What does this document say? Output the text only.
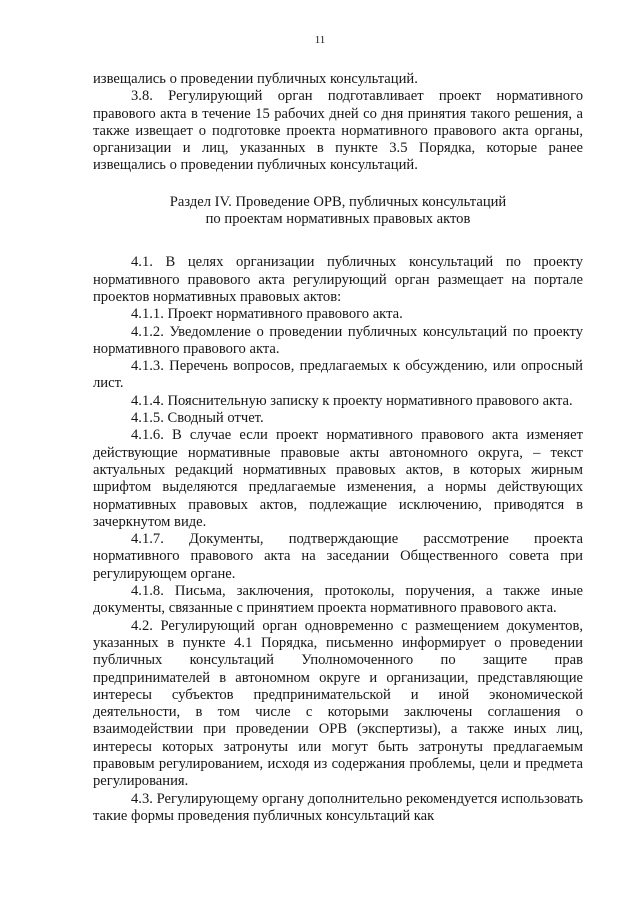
11

извещались о проведении публичных консультаций.

3.8. Регулирующий орган подготавливает проект нормативного правового акта в течение 15 рабочих дней со дня принятия такого решения, а также извещает о подготовке проекта нормативного правового акта органы, организации и лиц, указанных в пункте 3.5 Порядка, которые ранее извещались о проведении публичных консультаций.

Раздел IV. Проведение ОРВ, публичных консультаций
по проектам нормативных правовых актов

4.1. В целях организации публичных консультаций по проекту нормативного правового акта регулирующий орган размещает на портале проектов нормативных правовых актов:

4.1.1. Проект нормативного правового акта.

4.1.2. Уведомление о проведении публичных консультаций по проекту нормативного правового акта.

4.1.3. Перечень вопросов, предлагаемых к обсуждению, или опросный лист.

4.1.4. Пояснительную записку к проекту нормативного правового акта.

4.1.5. Сводный отчет.

4.1.6. В случае если проект нормативного правового акта изменяет действующие нормативные правовые акты автономного округа, – текст актуальных редакций нормативных правовых актов, в которых жирным шрифтом выделяются предлагаемые изменения, а нормы действующих нормативных правовых актов, подлежащие исключению, приводятся в зачеркнутом виде.

4.1.7. Документы, подтверждающие рассмотрение проекта нормативного правового акта на заседании Общественного совета при регулирующем органе.

4.1.8. Письма, заключения, протоколы, поручения, а также иные документы, связанные с принятием проекта нормативного правового акта.

4.2. Регулирующий орган одновременно с размещением документов, указанных в пункте 4.1 Порядка, письменно информирует о проведении публичных консультаций Уполномоченного по защите прав предпринимателей в автономном округе и организации, представляющие интересы субъектов предпринимательской и иной экономической деятельности, в том числе с которыми заключены соглашения о взаимодействии при проведении ОРВ (экспертизы), а также иных лиц, интересы которых затронуты или могут быть затронуты предлагаемым правовым регулированием, исходя из содержания проблемы, цели и предмета регулирования.

4.3. Регулирующему органу дополнительно рекомендуется использовать такие формы проведения публичных консультаций как
